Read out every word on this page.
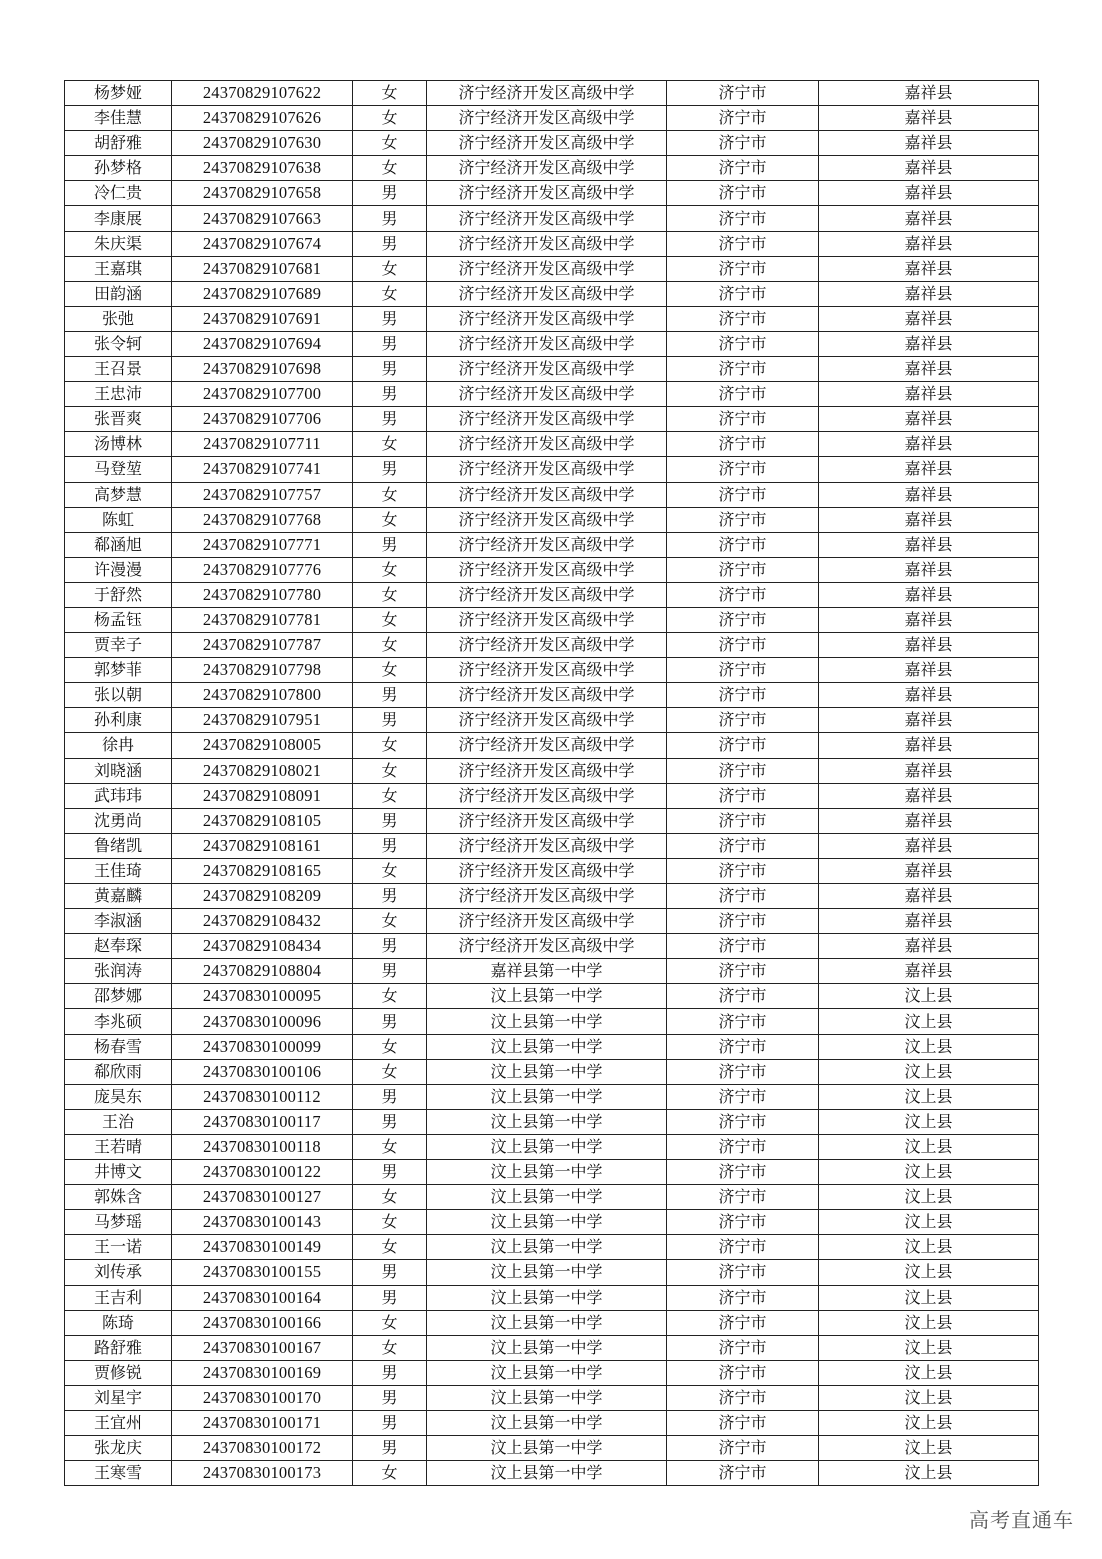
杨梦娅	24370829107622	女	济宁经济开发区高级中学	济宁市	嘉祥县
李佳慧	24370829107626	女	济宁经济开发区高级中学	济宁市	嘉祥县
胡舒雅	24370829107630	女	济宁经济开发区高级中学	济宁市	嘉祥县
孙梦格	24370829107638	女	济宁经济开发区高级中学	济宁市	嘉祥县
冷仁贵	24370829107658	男	济宁经济开发区高级中学	济宁市	嘉祥县
李康展	24370829107663	男	济宁经济开发区高级中学	济宁市	嘉祥县
朱庆渠	24370829107674	男	济宁经济开发区高级中学	济宁市	嘉祥县
王嘉琪	24370829107681	女	济宁经济开发区高级中学	济宁市	嘉祥县
田韵涵	24370829107689	女	济宁经济开发区高级中学	济宁市	嘉祥县
张弛	24370829107691	男	济宁经济开发区高级中学	济宁市	嘉祥县
张令轲	24370829107694	男	济宁经济开发区高级中学	济宁市	嘉祥县
王召景	24370829107698	男	济宁经济开发区高级中学	济宁市	嘉祥县
王忠沛	24370829107700	男	济宁经济开发区高级中学	济宁市	嘉祥县
张晋爽	24370829107706	男	济宁经济开发区高级中学	济宁市	嘉祥县
汤博林	24370829107711	女	济宁经济开发区高级中学	济宁市	嘉祥县
马登堃	24370829107741	男	济宁经济开发区高级中学	济宁市	嘉祥县
高梦慧	24370829107757	女	济宁经济开发区高级中学	济宁市	嘉祥县
陈虹	24370829107768	女	济宁经济开发区高级中学	济宁市	嘉祥县
郗涵旭	24370829107771	男	济宁经济开发区高级中学	济宁市	嘉祥县
许漫漫	24370829107776	女	济宁经济开发区高级中学	济宁市	嘉祥县
于舒然	24370829107780	女	济宁经济开发区高级中学	济宁市	嘉祥县
杨孟钰	24370829107781	女	济宁经济开发区高级中学	济宁市	嘉祥县
贾幸子	24370829107787	女	济宁经济开发区高级中学	济宁市	嘉祥县
郭梦菲	24370829107798	女	济宁经济开发区高级中学	济宁市	嘉祥县
张以朝	24370829107800	男	济宁经济开发区高级中学	济宁市	嘉祥县
孙利康	24370829107951	男	济宁经济开发区高级中学	济宁市	嘉祥县
徐冉	24370829108005	女	济宁经济开发区高级中学	济宁市	嘉祥县
刘晓涵	24370829108021	女	济宁经济开发区高级中学	济宁市	嘉祥县
武玮玮	24370829108091	女	济宁经济开发区高级中学	济宁市	嘉祥县
沈勇尚	24370829108105	男	济宁经济开发区高级中学	济宁市	嘉祥县
鲁绪凯	24370829108161	男	济宁经济开发区高级中学	济宁市	嘉祥县
王佳琦	24370829108165	女	济宁经济开发区高级中学	济宁市	嘉祥县
黄嘉麟	24370829108209	男	济宁经济开发区高级中学	济宁市	嘉祥县
李淑涵	24370829108432	女	济宁经济开发区高级中学	济宁市	嘉祥县
赵奉琛	24370829108434	男	济宁经济开发区高级中学	济宁市	嘉祥县
张润涛	24370829108804	男	嘉祥县第一中学	济宁市	嘉祥县
邵梦娜	24370830100095	女	汶上县第一中学	济宁市	汶上县
李兆硕	24370830100096	男	汶上县第一中学	济宁市	汶上县
杨春雪	24370830100099	女	汶上县第一中学	济宁市	汶上县
郗欣雨	24370830100106	女	汶上县第一中学	济宁市	汶上县
庞昊东	24370830100112	男	汶上县第一中学	济宁市	汶上县
王治	24370830100117	男	汶上县第一中学	济宁市	汶上县
王若晴	24370830100118	女	汶上县第一中学	济宁市	汶上县
井博文	24370830100122	男	汶上县第一中学	济宁市	汶上县
郭姝含	24370830100127	女	汶上县第一中学	济宁市	汶上县
马梦瑶	24370830100143	女	汶上县第一中学	济宁市	汶上县
王一诺	24370830100149	女	汶上县第一中学	济宁市	汶上县
刘传承	24370830100155	男	汶上县第一中学	济宁市	汶上县
王吉利	24370830100164	男	汶上县第一中学	济宁市	汶上县
陈琦	24370830100166	女	汶上县第一中学	济宁市	汶上县
路舒雅	24370830100167	女	汶上县第一中学	济宁市	汶上县
贾修锐	24370830100169	男	汶上县第一中学	济宁市	汶上县
刘星宇	24370830100170	男	汶上县第一中学	济宁市	汶上县
王宜州	24370830100171	男	汶上县第一中学	济宁市	汶上县
张龙庆	24370830100172	男	汶上县第一中学	济宁市	汶上县
王寒雪	24370830100173	女	汶上县第一中学	济宁市	汶上县
高考直通车
